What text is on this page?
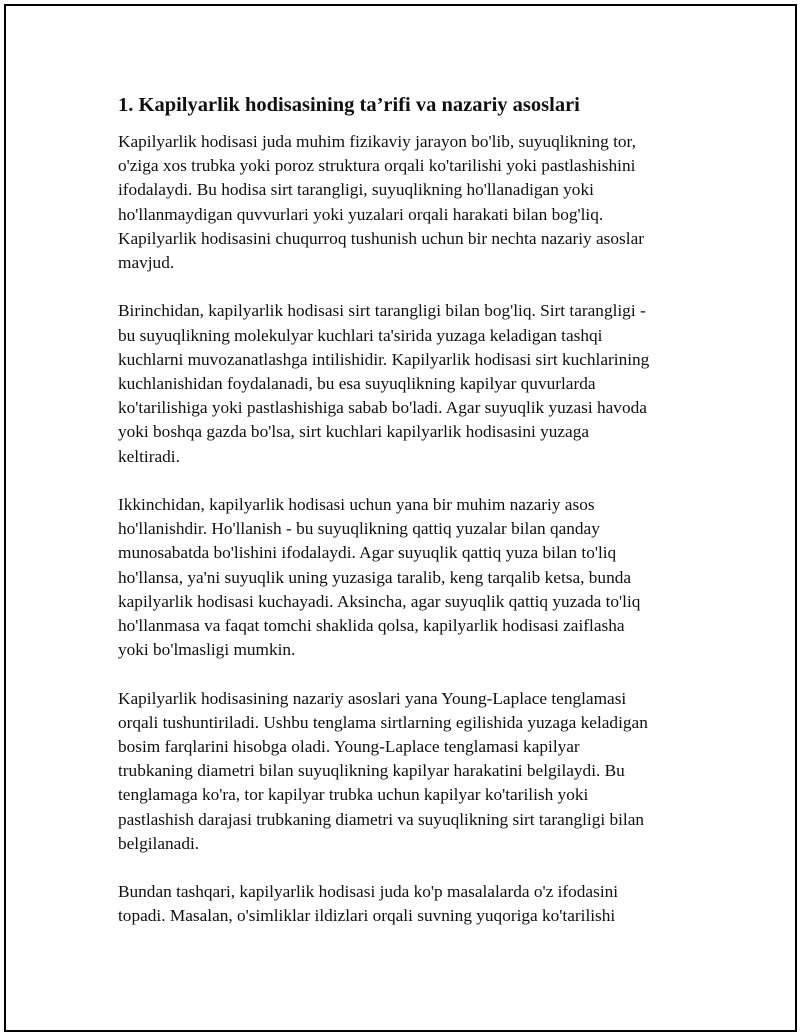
1. Kapilyarlik hodisasining ta’rifi va nazariy asoslari

Kapilyarlik hodisasi juda muhim fizikaviy jarayon bo'lib, suyuqlikning tor,
o'ziga xos trubka yoki poroz struktura orqali ko'tarilishi yoki pastlashishini
ifodalaydi. Bu hodisa sirt tarangligi, suyuqlikning ho'llanadigan yoki
ho'llanmaydigan quvvurlari yoki yuzalari orqali harakati bilan bog'liq.
Kapilyarlik hodisasini chuqurroq tushunish uchun bir nechta nazariy asoslar
mavjud.

Birinchidan, kapilyarlik hodisasi sirt tarangligi bilan bog'liq. Sirt tarangligi -
bu suyuqlikning molekulyar kuchlari ta'sirida yuzaga keladigan tashqi
kuchlarni muvozanatlashga intilishidir. Kapilyarlik hodisasi sirt kuchlarining
kuchlanishidan foydalanadi, bu esa suyuqlikning kapilyar quvurlarda
ko'tarilishiga yoki pastlashishiga sabab bo'ladi. Agar suyuqlik yuzasi havoda
yoki boshqa gazda bo'lsa, sirt kuchlari kapilyarlik hodisasini yuzaga
keltiradi.

Ikkinchidan, kapilyarlik hodisasi uchun yana bir muhim nazariy asos
ho'llanishdir. Ho'llanish - bu suyuqlikning qattiq yuzalar bilan qanday
munosabatda bo'lishini ifodalaydi. Agar suyuqlik qattiq yuza bilan to'liq
ho'llansa, ya'ni suyuqlik uning yuzasiga taralib, keng tarqalib ketsa, bunda
kapilyarlik hodisasi kuchayadi. Aksincha, agar suyuqlik qattiq yuzada to'liq
ho'llanmasa va faqat tomchi shaklida qolsa, kapilyarlik hodisasi zaiflasha
yoki bo'lmasligi mumkin.

Kapilyarlik hodisasining nazariy asoslari yana Young-Laplace tenglamasi
orqali tushuntiriladi. Ushbu tenglama sirtlarning egilishida yuzaga keladigan
bosim farqlarini hisobga oladi. Young-Laplace tenglamasi kapilyar
trubkaning diametri bilan suyuqlikning kapilyar harakatini belgilaydi. Bu
tenglamaga ko'ra, tor kapilyar trubka uchun kapilyar ko'tarilish yoki
pastlashish darajasi trubkaning diametri va suyuqlikning sirt tarangligi bilan
belgilanadi.

Bundan tashqari, kapilyarlik hodisasi juda ko'p masalalarda o'z ifodasini
topadi. Masalan, o'simliklar ildizlari orqali suvning yuqoriga ko'tarilishi
